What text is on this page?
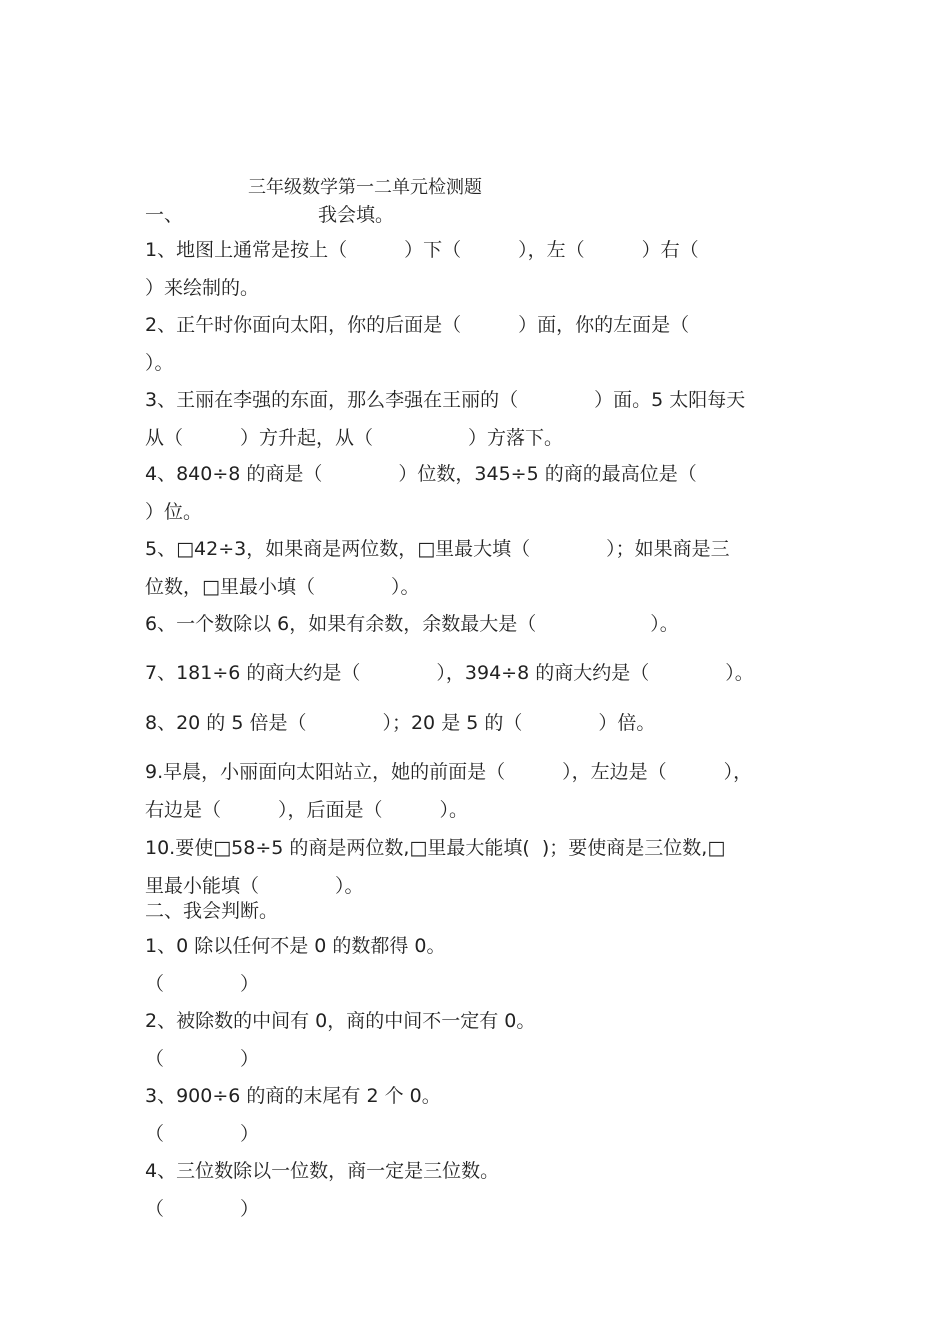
三年级数学第一二单元检测题
一、	我会填。
1、地图上通常是按上（　　　）下（　　　），左（　　　）右（
）来绘制的。
2、正午时你面向太阳，你的后面是（　　　）面，你的左面是（
）。
3、王丽在李强的东面，那么李强在王丽的（　　　　）面。5 太阳每天
从（　　　）方升起，从（　　　　　）方落下。
4、840÷8 的商是（　　　　）位数，345÷5 的商的最高位是（
）位。
5、□42÷3，如果商是两位数，□里最大填（　　　　）；如果商是三
位数，□里最小填（　　　　）。
6、一个数除以 6，如果有余数，余数最大是（　　　　　　）。
7、181÷6 的商大约是（　　　　），394÷8 的商大约是（　　　　）。
8、20 的 5 倍是（　　　　）；20 是 5 的（　　　　）倍。
9.早晨，小丽面向太阳站立，她的前面是（　　　），左边是（　　　），
右边是（　　　），后面是（　　　）。
10.要使□58÷5 的商是两位数,□里最大能填(  )；要使商是三位数,□
里最小能填（　　　　）。
二、我会判断。
1、0 除以任何不是 0 的数都得 0。
（　　　　）
2、被除数的中间有 0，商的中间不一定有 0。
（　　　　）
3、900÷6 的商的末尾有 2 个 0。
（　　　　）
4、三位数除以一位数，商一定是三位数。
（　　　　）
